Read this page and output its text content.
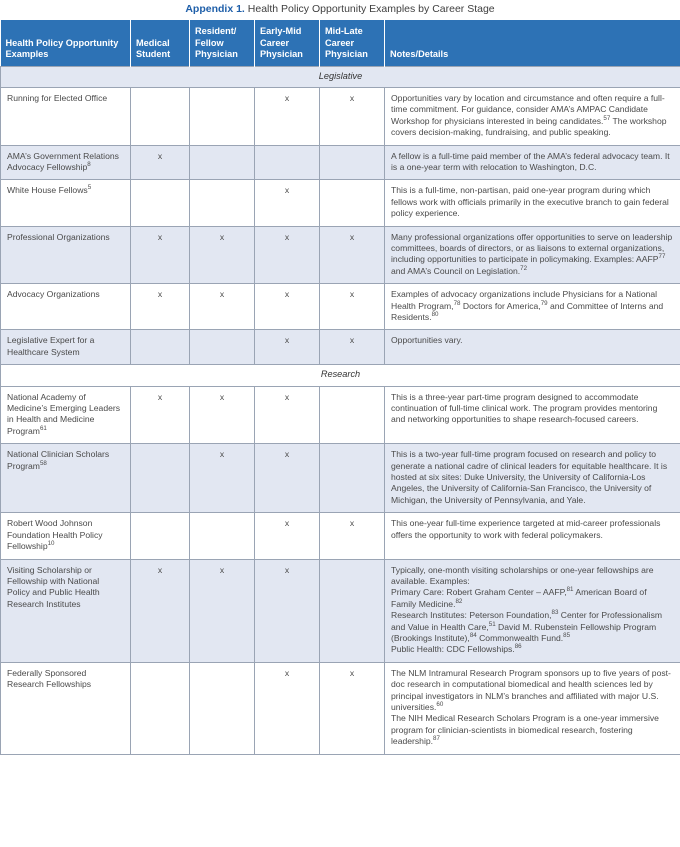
Appendix 1. Health Policy Opportunity Examples by Career Stage
Health Policy Opportunity Examples	Medical Student	Resident/ Fellow Physician	Early-Mid Career Physician	Mid-Late Career Physician	Notes/Details
Legislative					
Running for Elected Office			x	x	Opportunities vary by location and circumstance and often require a full-time commitment. For guidance, consider AMA’s AMPAC Candidate Workshop for physicians interested in being candidates.$^{57}$ The workshop covers decision-making, fundraising, and public speaking.
AMA’s Government Relations Advocacy Fellowship$^8$	x				A fellow is a full-time paid member of the AMA’s federal advocacy team. It is a one-year term with relocation to Washington, D.C.
White House Fellows$^5$			x		This is a full-time, non-partisan, paid one-year program during which fellows work with officials primarily in the executive branch to gain federal policy experience.
Professional Organizations	x	x	x	x	Many professional organizations offer opportunities to serve on leadership committees, boards of directors, or as liaisons to external organizations, including opportunities to participate in policymaking. Examples: AAFP$^{77}$ and AMA’s Council on Legislation.$^{72}$
Advocacy Organizations	x	x	x	x	Examples of advocacy organizations include Physicians for a National Health Program,$^{78}$ Doctors for America,$^{79}$ and Committee of Interns and Residents.$^{80}$
Legislative Expert for a Healthcare System			x	x	Opportunities vary.
Research					
National Academy of Medicine’s Emerging Leaders in Health and Medicine Program$^{61}$	x	x	x		This is a three-year part-time program designed to accommodate continuation of full-time clinical work. The program provides mentoring and networking opportunities to shape research-focused careers.
National Clinician Scholars Program$^{58}$		x	x		This is a two-year full-time program focused on research and policy to generate a national cadre of clinical leaders for equitable healthcare. It is hosted at six sites: Duke University, the University of California-Los Angeles, the University of California-San Francisco, the University of Michigan, the University of Pennsylvania, and Yale.
Robert Wood Johnson Foundation Health Policy Fellowship$^{10}$			x	x	This one-year full-time experience targeted at mid-career professionals offers the opportunity to work with federal policymakers.
Visiting Scholarship or Fellowship with National Policy and Public Health Research Institutes	x	x	x		Typically, one-month visiting scholarships or one-year fellowships are available. Examples:
Primary Care: Robert Graham Center – AAFP,$^{81}$ American Board of Family Medicine.$^{82}$
Research Institutes: Peterson Foundation,$^{83}$ Center for Professionalism and Value in Health Care,$^{51}$ David M. Rubenstein Fellowship Program (Brookings Institute),$^{84}$ Commonwealth Fund.$^{85}$
Public Health: CDC Fellowships.$^{86}$
Federally Sponsored Research Fellowships			x	x	The NLM Intramural Research Program sponsors up to five years of post-doc research in computational biomedical and health sciences led by principal investigators in NLM’s branches and affiliated with major U.S. universities.$^{60}$
The NIH Medical Research Scholars Program is a one-year immersive program for clinician-scientists in biomedical research, fostering leadership.$^{87}$
